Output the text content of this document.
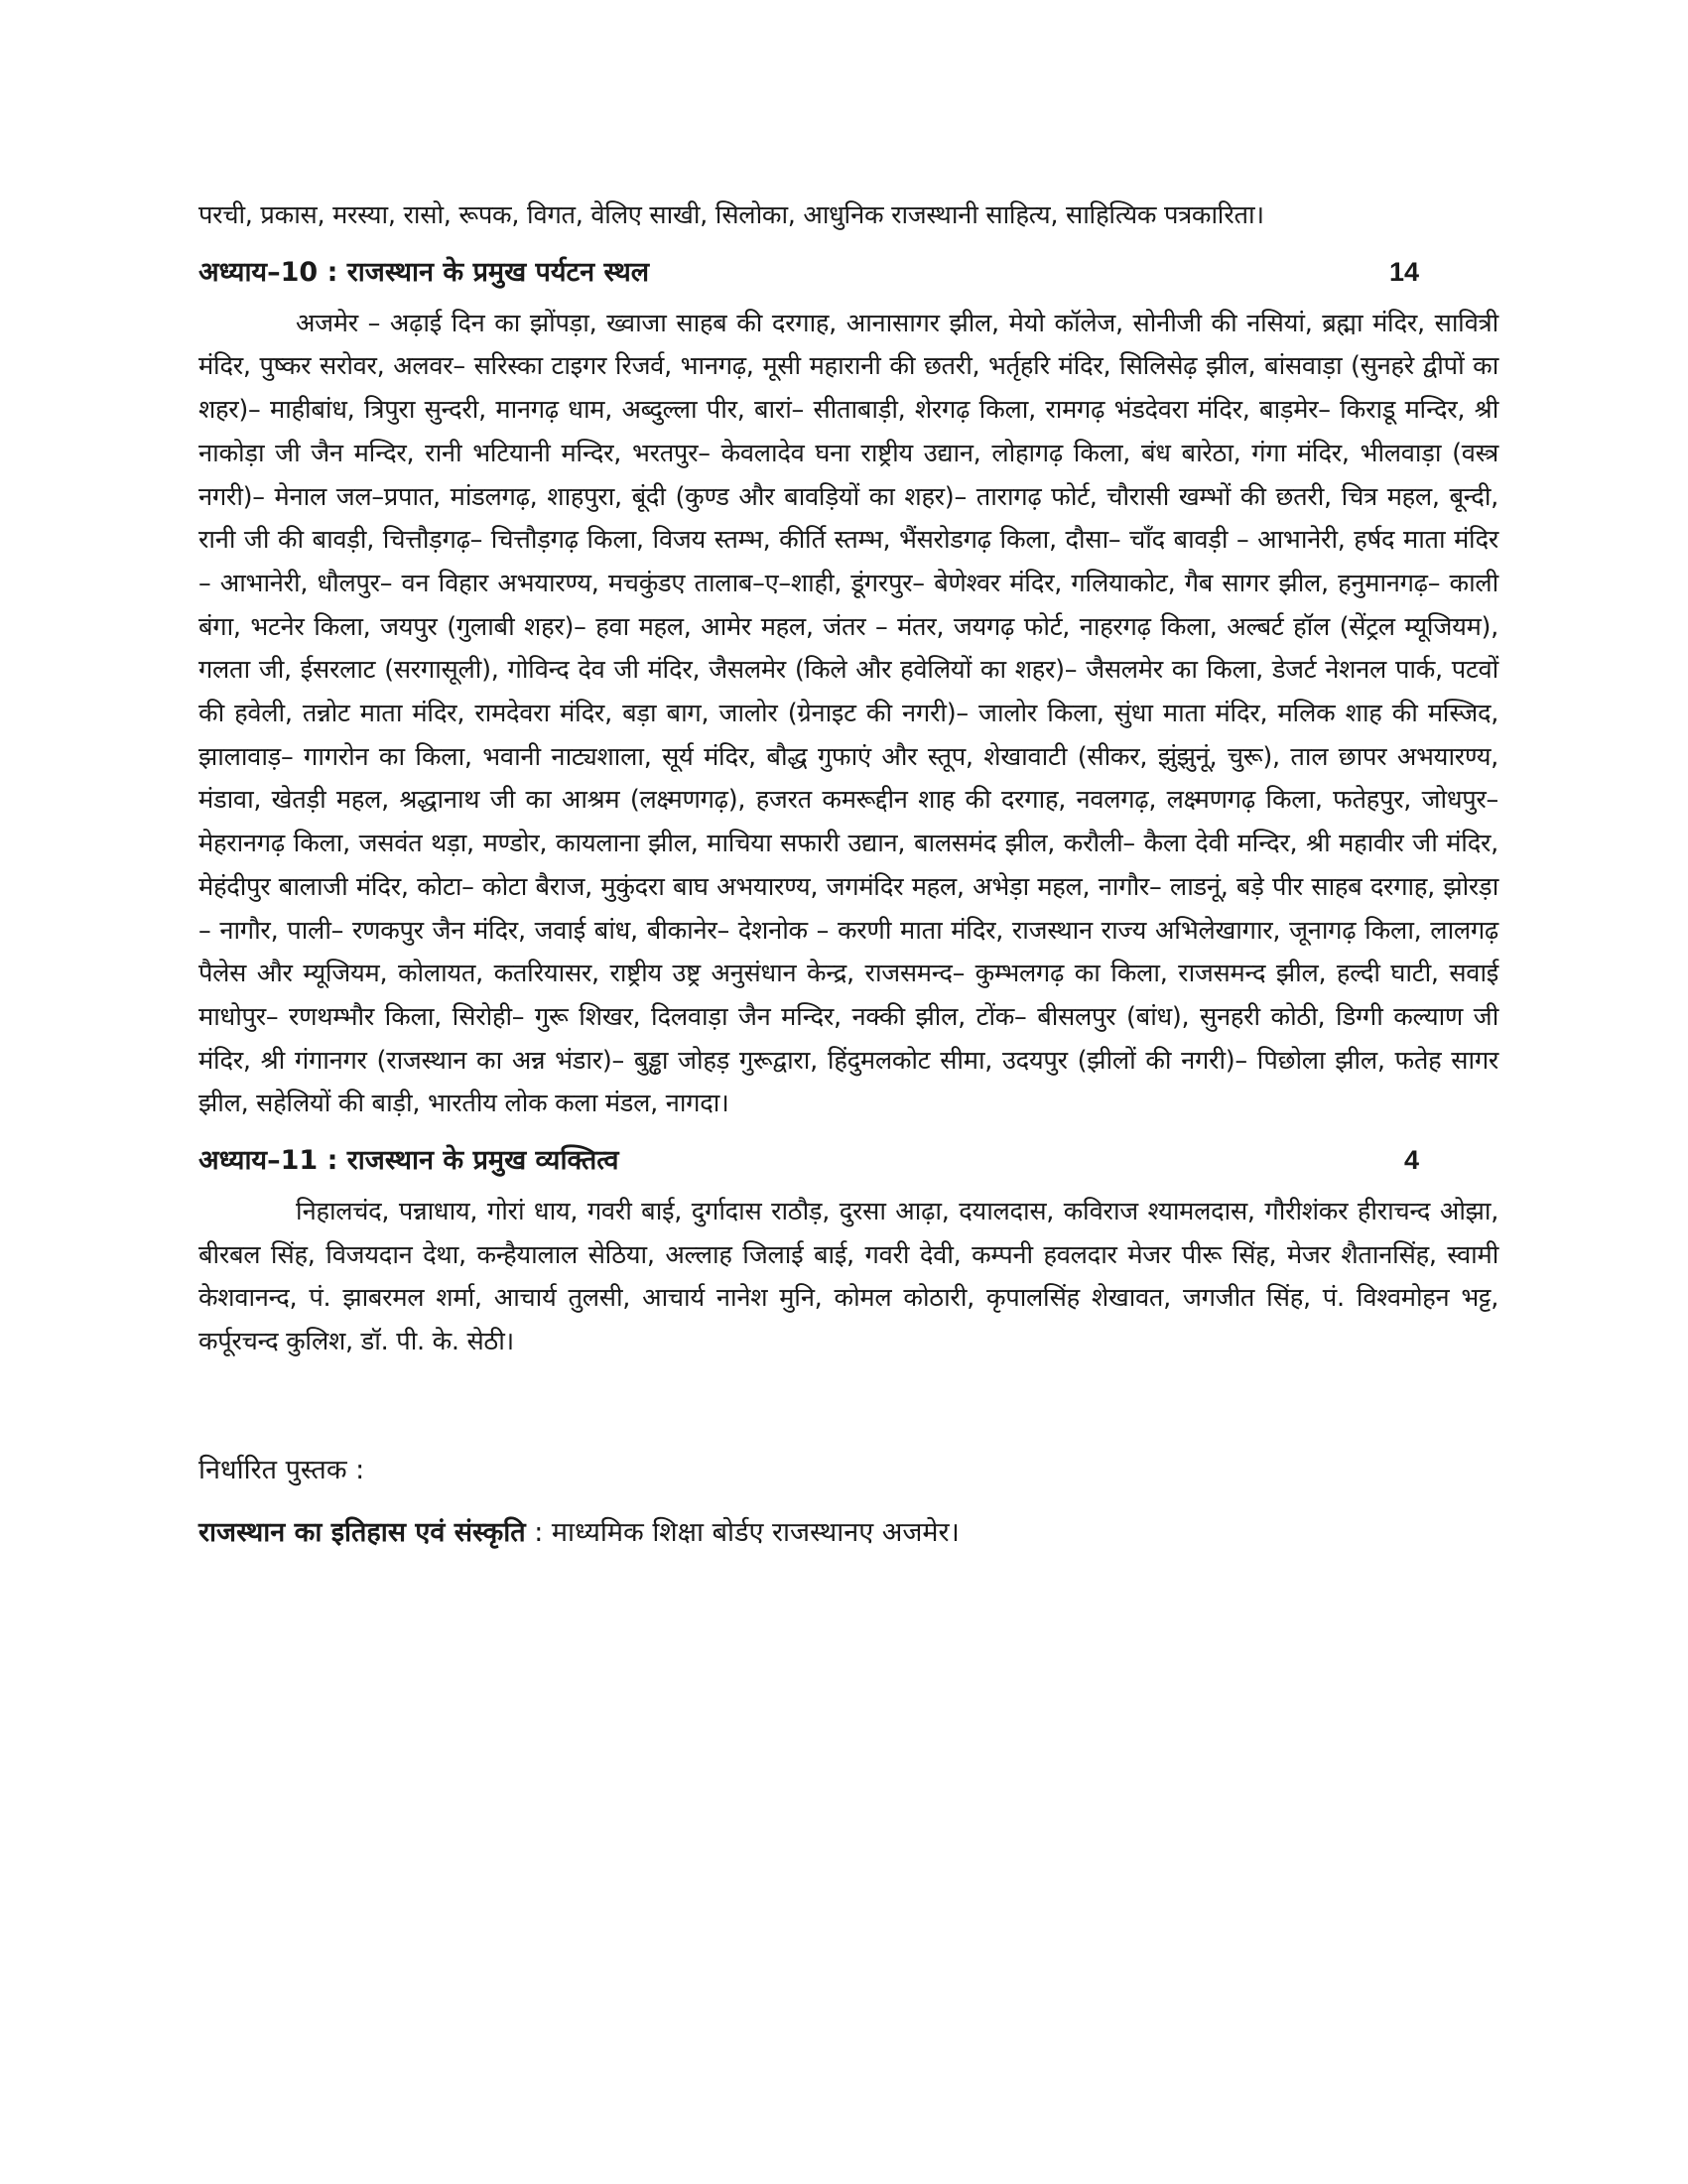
परची, प्रकास, मरस्या, रासो, रूपक, विगत, वेलिए साखी, सिलोका, आधुनिक राजस्थानी साहित्य, साहित्यिक पत्रकारिता।

अध्याय–10 : राजस्थान के प्रमुख पर्यटन स्थल	14

अजमेर – अढ़ाई दिन का झोंपड़ा, ख्वाजा साहब की दरगाह, आनासागर झील, मेयो कॉलेज, सोनीजी की नसियां, ब्रह्मा मंदिर, सावित्री मंदिर, पुष्कर सरोवर, अलवर– सरिस्का टाइगर रिजर्व, भानगढ़, मूसी महारानी की छतरी, भर्तृहरि मंदिर, सिलिसेढ़ झील, बांसवाड़ा (सुनहरे द्वीपों का शहर)– माहीबांध, त्रिपुरा सुन्दरी, मानगढ़ धाम, अब्दुल्ला पीर, बारां– सीताबाड़ी, शेरगढ़ किला, रामगढ़ भंडदेवरा मंदिर, बाड़मेर– किराडू मन्दिर, श्री नाकोड़ा जी जैन मन्दिर, रानी भटियानी मन्दिर, भरतपुर– केवलादेव घना राष्ट्रीय उद्यान, लोहागढ़ किला, बंध बारेठा, गंगा मंदिर, भीलवाड़ा (वस्त्र नगरी)– मेनाल जल–प्रपात, मांडलगढ़, शाहपुरा, बूंदी (कुण्ड और बावड़ियों का शहर)– तारागढ़ फोर्ट, चौरासी खम्भों की छतरी, चित्र महल, बून्दी, रानी जी की बावड़ी, चित्तौड़गढ़– चित्तौड़गढ़ किला, विजय स्तम्भ, कीर्ति स्तम्भ, भैंसरोडगढ़ किला, दौसा– चाँद बावड़ी – आभानेरी, हर्षद माता मंदिर – आभानेरी, धौलपुर– वन विहार अभयारण्य, मचकुंडए तालाब–ए–शाही, डूंगरपुर– बेणेश्वर मंदिर, गलियाकोट, गैब सागर झील, हनुमानगढ़– काली बंगा, भटनेर किला, जयपुर (गुलाबी शहर)– हवा महल, आमेर महल, जंतर – मंतर, जयगढ़ फोर्ट, नाहरगढ़ किला, अल्बर्ट हॉल (सेंट्रल म्यूजियम), गलता जी, ईसरलाट (सरगासूली), गोविन्द देव जी मंदिर, जैसलमेर (किले और हवेलियों का शहर)– जैसलमेर का किला, डेजर्ट नेशनल पार्क, पटवों की हवेली, तन्नोट माता मंदिर, रामदेवरा मंदिर, बड़ा बाग, जालोर (ग्रेनाइट की नगरी)– जालोर किला, सुंधा माता मंदिर, मलिक शाह की मस्जिद, झालावाड़– गागरोन का किला, भवानी नाट्यशाला, सूर्य मंदिर, बौद्ध गुफाएं और स्तूप, शेखावाटी (सीकर, झुंझुनूं, चुरू), ताल छापर अभयारण्य, मंडावा, खेतड़ी महल, श्रद्धानाथ जी का आश्रम (लक्ष्मणगढ़), हजरत कमरूद्दीन शाह की दरगाह, नवलगढ़, लक्ष्मणगढ़ किला, फतेहपुर, जोधपुर– मेहरानगढ़ किला, जसवंत थड़ा, मण्डोर, कायलाना झील, माचिया सफारी उद्यान, बालसमंद झील, करौली– कैला देवी मन्दिर, श्री महावीर जी मंदिर, मेहंदीपुर बालाजी मंदिर, कोटा– कोटा बैराज, मुकुंदरा बाघ अभयारण्य, जगमंदिर महल, अभेड़ा महल, नागौर– लाडनूं, बड़े पीर साहब दरगाह, झोरड़ा – नागौर, पाली– रणकपुर जैन मंदिर, जवाई बांध, बीकानेर– देशनोक – करणी माता मंदिर, राजस्थान राज्य अभिलेखागार, जूनागढ़ किला, लालगढ़ पैलेस और म्यूजियम, कोलायत, कतरियासर, राष्ट्रीय उष्ट्र अनुसंधान केन्द्र, राजसमन्द– कुम्भलगढ़ का किला, राजसमन्द झील, हल्दी घाटी, सवाई माधोपुर– रणथम्भौर किला, सिरोही– गुरू शिखर, दिलवाड़ा जैन मन्दिर, नक्की झील, टोंक– बीसलपुर (बांध), सुनहरी कोठी, डिग्गी कल्याण जी मंदिर, श्री गंगानगर (राजस्थान का अन्न भंडार)– बुड्ढा जोहड़ गुरूद्वारा, हिंदुमलकोट सीमा, उदयपुर (झीलों की नगरी)– पिछोला झील, फतेह सागर झील, सहेलियों की बाड़ी, भारतीय लोक कला मंडल, नागदा।

अध्याय–11 : राजस्थान के प्रमुख व्यक्तित्व	4

निहालचंद, पन्नाधाय, गोरां धाय, गवरी बाई, दुर्गादास राठौड़, दुरसा आढ़ा, दयालदास, कविराज श्यामलदास, गौरीशंकर हीराचन्द ओझा, बीरबल सिंह, विजयदान देथा, कन्हैयालाल सेठिया, अल्लाह जिलाई बाई, गवरी देवी, कम्पनी हवलदार मेजर पीरू सिंह, मेजर शैतानसिंह, स्वामी केशवानन्द, पं. झाबरमल शर्मा, आचार्य तुलसी, आचार्य नानेश मुनि, कोमल कोठारी, कृपालसिंह शेखावत, जगजीत सिंह, पं. विश्वमोहन भट्ट, कर्पूरचन्द कुलिश, डॉ. पी. के. सेठी।

निर्धारित पुस्तक :
राजस्थान का इतिहास एवं संस्कृति : माध्यमिक शिक्षा बोर्डए राजस्थानए अजमेर।
